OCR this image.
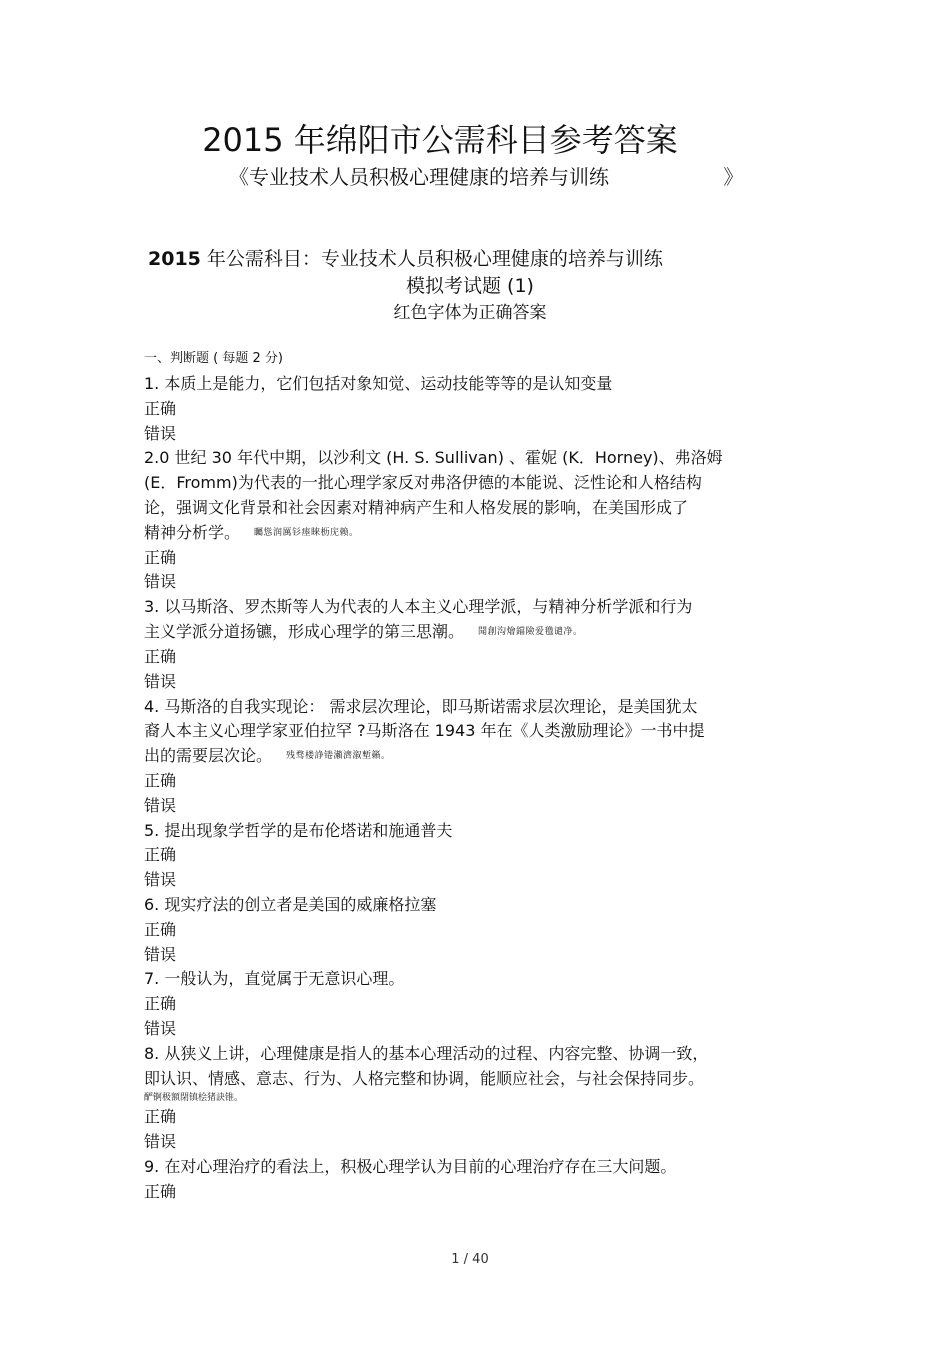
2015 年绵阳市公需科目参考答案
《专业技术人员积极心理健康的培养与训练                  》
2015 年公需科目：专业技术人员积极心理健康的培养与训练
模拟考试题 (1)
红色字体为正确答案
一、判断题 ( 每题 2 分)
1. 本质上是能力，它们包括对象知觉、运动技能等等的是认知变量
正确
错误
2.0 世纪 30 年代中期，以沙利文 (H. S. Sullivan) 、霍妮 (K．Horney)、弗洛姆
(E．Fromm)为代表的一批心理学家反对弗洛伊德的本能说、泛性论和人格结构
论，强调文化背景和社会因素对精神病产生和人格发展的影响，在美国形成了
精神分析学。 矚慫润厲钐瘗睞枥庑赖。
正确
错误
3. 以马斯洛、罗杰斯等人为代表的人本主义心理学派，与精神分析学派和行为
主义学派分道扬镳，形成心理学的第三思潮。 聞創沟燴鐺險爱氇谴净。
正确
错误
4. 马斯洛的自我实现论： 需求层次理论，即马斯诺需求层次理论，是美国犹太
裔人本主义心理学家亚伯拉罕 ?马斯洛在 1943 年在《人类激励理论》一书中提
出的需要层次论。 残骛楼諍锩瀨濟溆塹籟。
正确
错误
5. 提出现象学哲学的是布伦塔诺和施通普夫
正确
错误
6. 现实疗法的创立者是美国的威廉格拉塞
正确
错误
7. 一般认为，直觉属于无意识心理。
正确
错误
8. 从狭义上讲，心理健康是指人的基本心理活动的过程、内容完整、协调一致，
即认识、情感、意志、行为、人格完整和协调，能顺应社会，与社会保持同步。
酽锕极額閉镇桧猪訣锥。
正确
错误
9. 在对心理治疗的看法上，积极心理学认为目前的心理治疗存在三大问题。
正确
1 / 40
